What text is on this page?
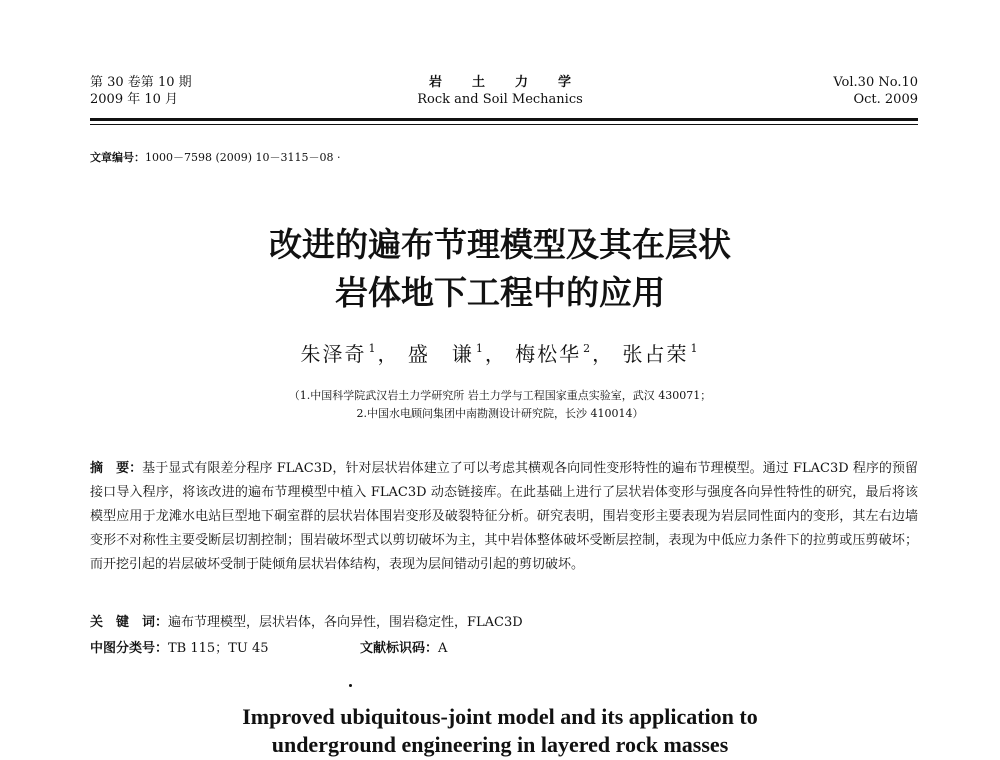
第 30 卷第 10 期
2009 年 10 月
岩土力学
Rock and Soil Mechanics
Vol.30 No.10
Oct. 2009
文章编号：1000－7598 (2009) 10－3115－08 ·
改进的遍布节理模型及其在层状
岩体地下工程中的应用
朱泽奇 $^1$， 盛　谦 $^1$， 梅松华 $^2$， 张占荣 $^1$
（1.中国科学院武汉岩土力学研究所 岩土力学与工程国家重点实验室，武汉 430071；
2.中国水电顾问集团中南勘测设计研究院，长沙 410014）
摘　要：基于显式有限差分程序 FLAC3D，针对层状岩体建立了可以考虑其横观各向同性变形特性的遍布节理模型。通过 FLAC3D 程序的预留接口导入程序，将该改进的遍布节理模型中植入 FLAC3D 动态链接库。在此基础上进行了层状岩体变形与强度各向异性特性的研究，最后将该模型应用于龙滩水电站巨型地下硐室群的层状岩体围岩变形及破裂特征分析。研究表明，围岩变形主要表现为岩层同性面内的变形，其左右边墙变形不对称性主要受断层切割控制；围岩破坏型式以剪切破坏为主，其中岩体整体破坏受断层控制，表现为中低应力条件下的拉剪或压剪破坏；而开挖引起的岩层破坏受制于陡倾角层状岩体结构，表现为层间错动引起的剪切破坏。
关　键　词：遍布节理模型，层状岩体，各向异性，围岩稳定性，FLAC3D
中图分类号：TB 115；TU 45	文献标识码：A
Improved ubiquitous-joint model and its application to
underground engineering in layered rock masses
